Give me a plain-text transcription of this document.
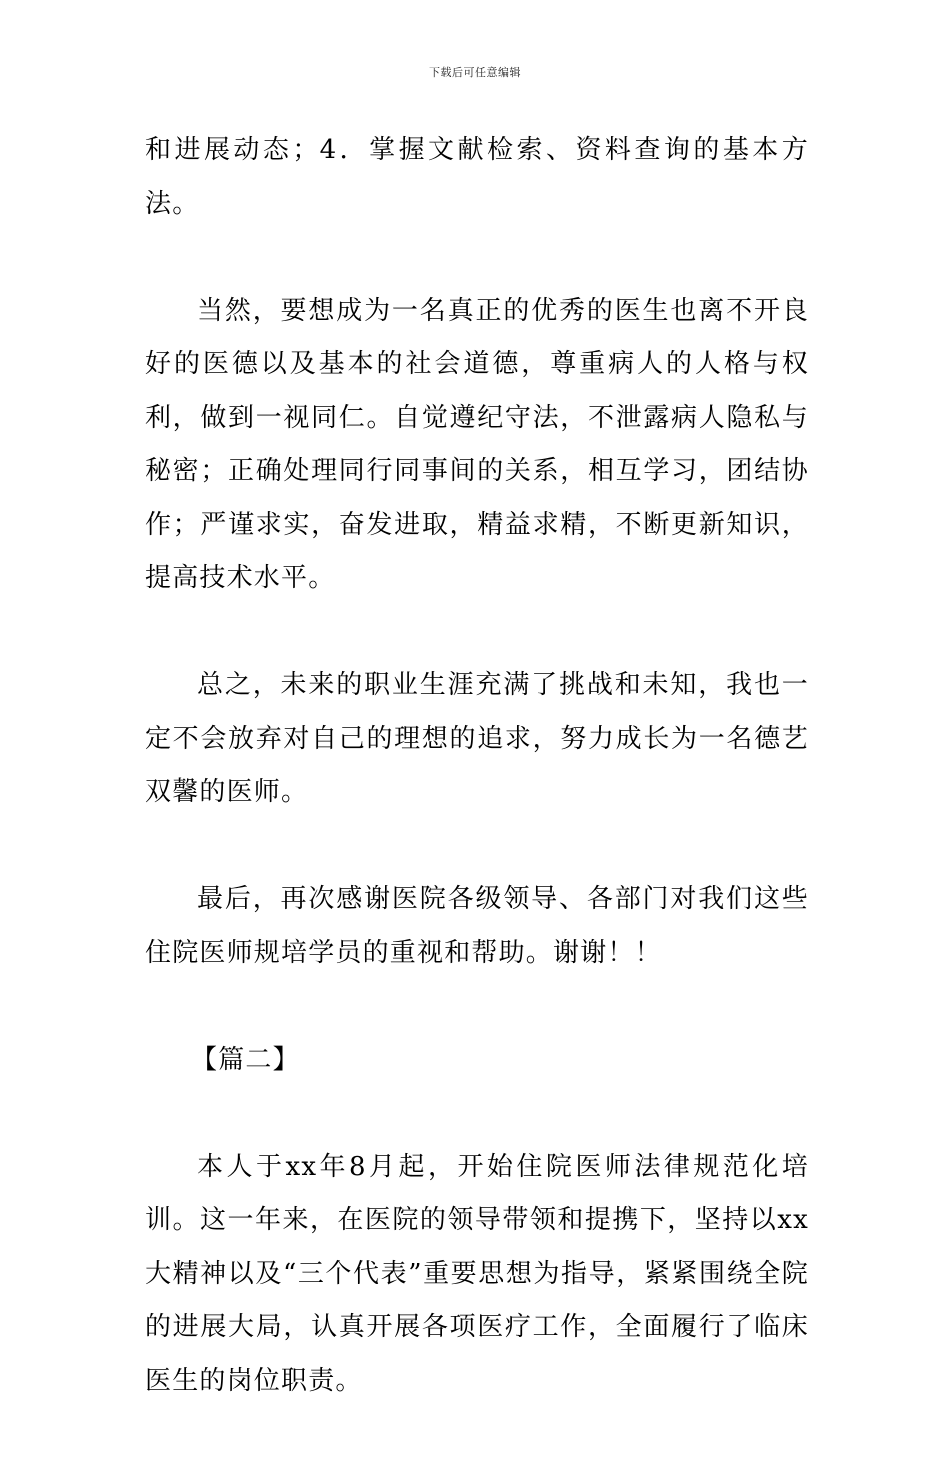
下载后可任意编辑

和进展动态；4．掌握文献检索、资料查询的基本方法。

当然，要想成为一名真正的优秀的医生也离不开良好的医德以及基本的社会道德，尊重病人的人格与权利，做到一视同仁。自觉遵纪守法，不泄露病人隐私与秘密；正确处理同行同事间的关系，相互学习，团结协作；严谨求实，奋发进取，精益求精，不断更新知识，提高技术水平。

总之，未来的职业生涯充满了挑战和未知，我也一定不会放弃对自己的理想的追求，努力成长为一名德艺双馨的医师。

最后，再次感谢医院各级领导、各部门对我们这些住院医师规培学员的重视和帮助。谢谢！！

【篇二】

本人于xx年8月起，开始住院医师法律规范化培训。这一年来，在医院的领导带领和提携下，坚持以xx大精神以及“三个代表”重要思想为指导，紧紧围绕全院的进展大局，认真开展各项医疗工作，全面履行了临床医生的岗位职责。
